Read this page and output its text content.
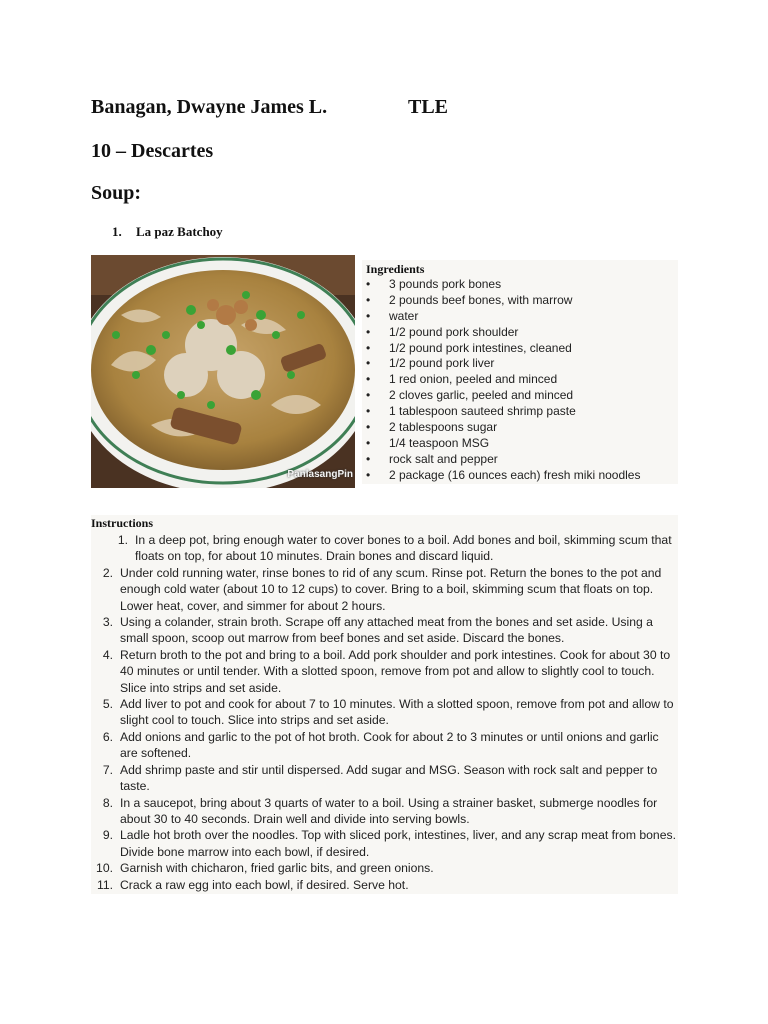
Banagan, Dwayne James L.	TLE
10 – Descartes
Soup:
1. La paz Batchoy
PanlasangPin
Ingredients
• 3 pounds pork bones
• 2 pounds beef bones, with marrow
• water
• 1/2 pound pork shoulder
• 1/2 pound pork intestines, cleaned
• 1/2 pound pork liver
• 1 red onion, peeled and minced
• 2 cloves garlic, peeled and minced
• 1 tablespoon sauteed shrimp paste
• 2 tablespoons sugar
• 1/4 teaspoon MSG
• rock salt and pepper
• 2 package (16 ounces each) fresh miki noodles
Instructions
1. In a deep pot, bring enough water to cover bones to a boil. Add bones and boil, skimming scum that floats on top, for about 10 minutes. Drain bones and discard liquid.
2. Under cold running water, rinse bones to rid of any scum. Rinse pot. Return the bones to the pot and enough cold water (about 10 to 12 cups) to cover. Bring to a boil, skimming scum that floats on top. Lower heat, cover, and simmer for about 2 hours.
3. Using a colander, strain broth. Scrape off any attached meat from the bones and set aside. Using a small spoon, scoop out marrow from beef bones and set aside. Discard the bones.
4. Return broth to the pot and bring to a boil. Add pork shoulder and pork intestines. Cook for about 30 to 40 minutes or until tender. With a slotted spoon, remove from pot and allow to slightly cool to touch. Slice into strips and set aside.
5. Add liver to pot and cook for about 7 to 10 minutes. With a slotted spoon, remove from pot and allow to slight cool to touch. Slice into strips and set aside.
6. Add onions and garlic to the pot of hot broth. Cook for about 2 to 3 minutes or until onions and garlic are softened.
7. Add shrimp paste and stir until dispersed. Add sugar and MSG. Season with rock salt and pepper to taste.
8. In a saucepot, bring about 3 quarts of water to a boil. Using a strainer basket, submerge noodles for about 30 to 40 seconds. Drain well and divide into serving bowls.
9. Ladle hot broth over the noodles. Top with sliced pork, intestines, liver, and any scrap meat from bones. Divide bone marrow into each bowl, if desired.
10. Garnish with chicharon, fried garlic bits, and green onions.
11. Crack a raw egg into each bowl, if desired. Serve hot.
